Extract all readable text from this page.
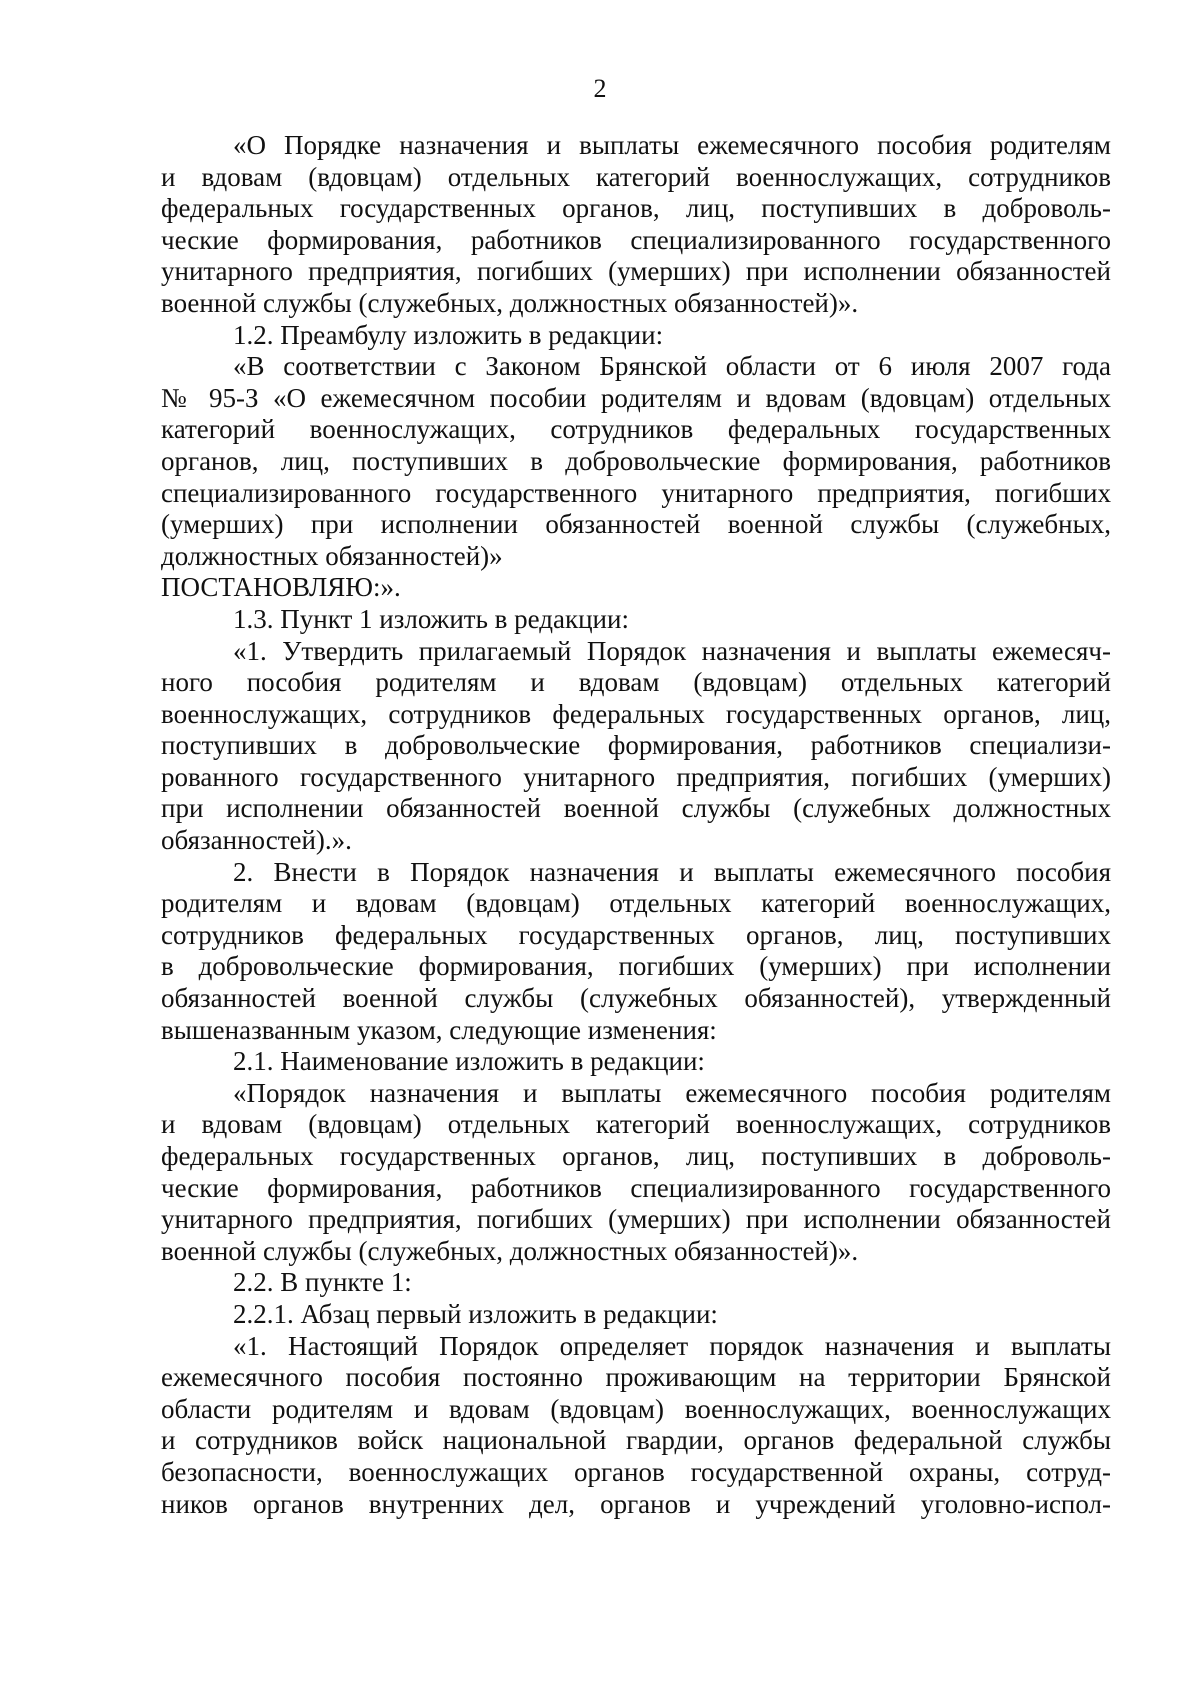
2
«О Порядке назначения и выплаты ежемесячного пособия родителям
и вдовам (вдовцам) отдельных категорий военнослужащих, сотрудников
федеральных государственных органов, лиц, поступивших в доброволь-
ческие формирования, работников специализированного государственного
унитарного предприятия, погибших (умерших) при исполнении обязанностей
военной службы (служебных, должностных обязанностей)».
1.2. Преамбулу изложить в редакции:
«В соответствии с Законом Брянской области от 6 июля 2007 года
№ 95-З «О ежемесячном пособии родителям и вдовам (вдовцам) отдельных
категорий военнослужащих, сотрудников федеральных государственных
органов, лиц, поступивших в добровольческие формирования, работников
специализированного государственного унитарного предприятия, погибших
(умерших) при исполнении обязанностей военной службы (служебных,
должностных обязанностей)»
ПОСТАНОВЛЯЮ:».
1.3. Пункт 1 изложить в редакции:
«1. Утвердить прилагаемый Порядок назначения и выплаты ежемесяч-
ного пособия родителям и вдовам (вдовцам) отдельных категорий
военнослужащих, сотрудников федеральных государственных органов, лиц,
поступивших в добровольческие формирования, работников специализи-
рованного государственного унитарного предприятия, погибших (умерших)
при исполнении обязанностей военной службы (служебных должностных
обязанностей).».
2. Внести в Порядок назначения и выплаты ежемесячного пособия
родителям и вдовам (вдовцам) отдельных категорий военнослужащих,
сотрудников федеральных государственных органов, лиц, поступивших
в добровольческие формирования, погибших (умерших) при исполнении
обязанностей военной службы (служебных обязанностей), утвержденный
вышеназванным указом, следующие изменения:
2.1. Наименование изложить в редакции:
«Порядок назначения и выплаты ежемесячного пособия родителям
и вдовам (вдовцам) отдельных категорий военнослужащих, сотрудников
федеральных государственных органов, лиц, поступивших в доброволь-
ческие формирования, работников специализированного государственного
унитарного предприятия, погибших (умерших) при исполнении обязанностей
военной службы (служебных, должностных обязанностей)».
2.2. В пункте 1:
2.2.1. Абзац первый изложить в редакции:
«1. Настоящий Порядок определяет порядок назначения и выплаты
ежемесячного пособия постоянно проживающим на территории Брянской
области родителям и вдовам (вдовцам) военнослужащих, военнослужащих
и сотрудников войск национальной гвардии, органов федеральной службы
безопасности, военнослужащих органов государственной охраны, сотруд-
ников органов внутренних дел, органов и учреждений уголовно-испол-
